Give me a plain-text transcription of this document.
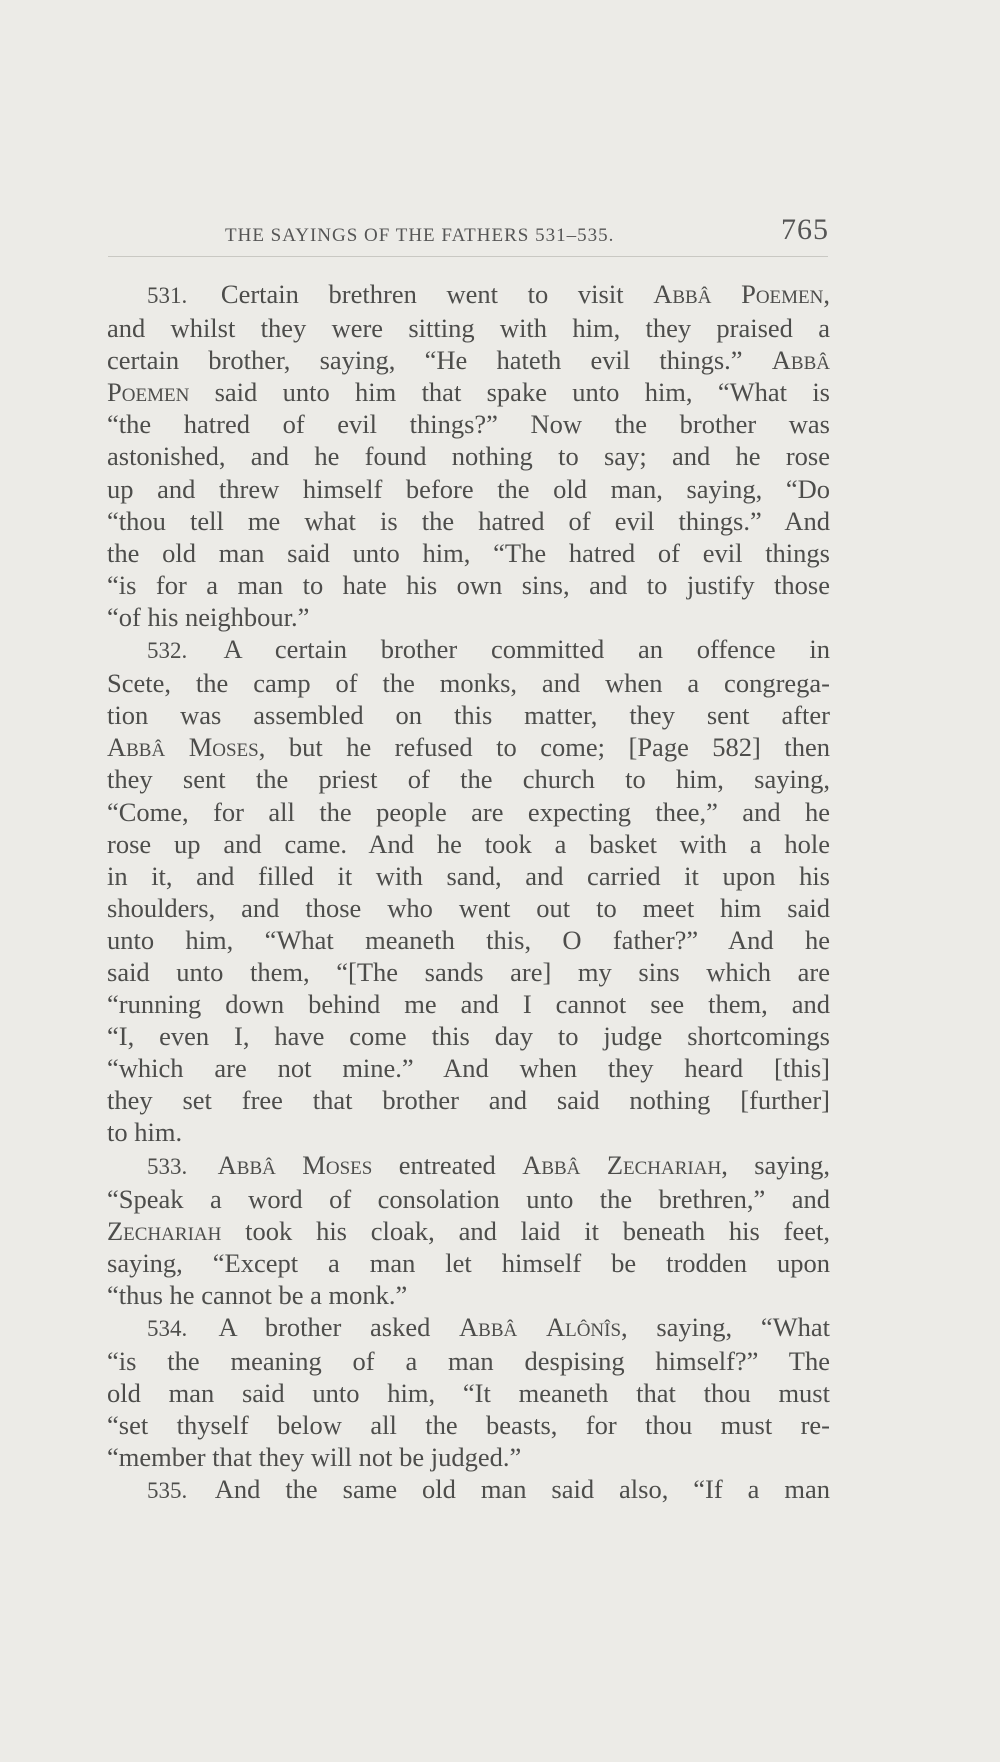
THE SAYINGS OF THE FATHERS 531–535.	765
531. Certain brethren went to visit Abbâ Poemen,
and whilst they were sitting with him, they praised a
certain brother, saying, “He hateth evil things.” Abbâ
Poemen said unto him that spake unto him, “What is
“the hatred of evil things?” Now the brother was
astonished, and he found nothing to say; and he rose
up and threw himself before the old man, saying, “Do
“thou tell me what is the hatred of evil things.” And
the old man said unto him, “The hatred of evil things
“is for a man to hate his own sins, and to justify those
“of his neighbour.”
532. A certain brother committed an offence in
Scete, the camp of the monks, and when a congrega-
tion was assembled on this matter, they sent after
Abbâ Moses, but he refused to come; [Page 582] then
they sent the priest of the church to him, saying,
“Come, for all the people are expecting thee,” and he
rose up and came. And he took a basket with a hole
in it, and filled it with sand, and carried it upon his
shoulders, and those who went out to meet him said
unto him, “What meaneth this, O father?” And he
said unto them, “[The sands are] my sins which are
“running down behind me and I cannot see them, and
“I, even I, have come this day to judge shortcomings
“which are not mine.” And when they heard [this]
they set free that brother and said nothing [further]
to him.
533. Abbâ Moses entreated Abbâ Zechariah, saying,
“Speak a word of consolation unto the brethren,” and
Zechariah took his cloak, and laid it beneath his feet,
saying, “Except a man let himself be trodden upon
“thus he cannot be a monk.”
534. A brother asked Abbâ Alônîs, saying, “What
“is the meaning of a man despising himself?” The
old man said unto him, “It meaneth that thou must
“set thyself below all the beasts, for thou must re-
“member that they will not be judged.”
535. And the same old man said also, “If a man
